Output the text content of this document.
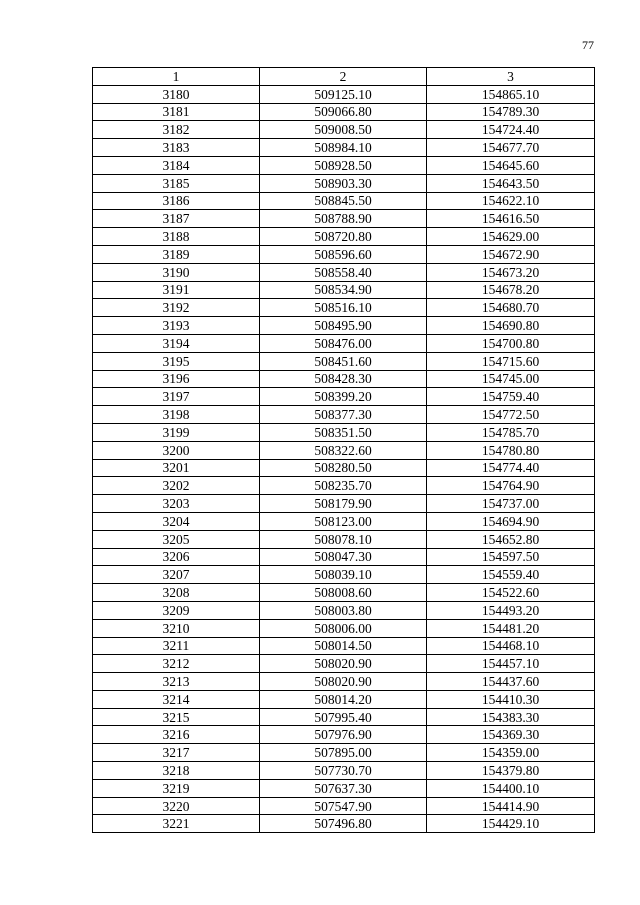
77
1	2	3
3180	509125.10	154865.10
3181	509066.80	154789.30
3182	509008.50	154724.40
3183	508984.10	154677.70
3184	508928.50	154645.60
3185	508903.30	154643.50
3186	508845.50	154622.10
3187	508788.90	154616.50
3188	508720.80	154629.00
3189	508596.60	154672.90
3190	508558.40	154673.20
3191	508534.90	154678.20
3192	508516.10	154680.70
3193	508495.90	154690.80
3194	508476.00	154700.80
3195	508451.60	154715.60
3196	508428.30	154745.00
3197	508399.20	154759.40
3198	508377.30	154772.50
3199	508351.50	154785.70
3200	508322.60	154780.80
3201	508280.50	154774.40
3202	508235.70	154764.90
3203	508179.90	154737.00
3204	508123.00	154694.90
3205	508078.10	154652.80
3206	508047.30	154597.50
3207	508039.10	154559.40
3208	508008.60	154522.60
3209	508003.80	154493.20
3210	508006.00	154481.20
3211	508014.50	154468.10
3212	508020.90	154457.10
3213	508020.90	154437.60
3214	508014.20	154410.30
3215	507995.40	154383.30
3216	507976.90	154369.30
3217	507895.00	154359.00
3218	507730.70	154379.80
3219	507637.30	154400.10
3220	507547.90	154414.90
3221	507496.80	154429.10
